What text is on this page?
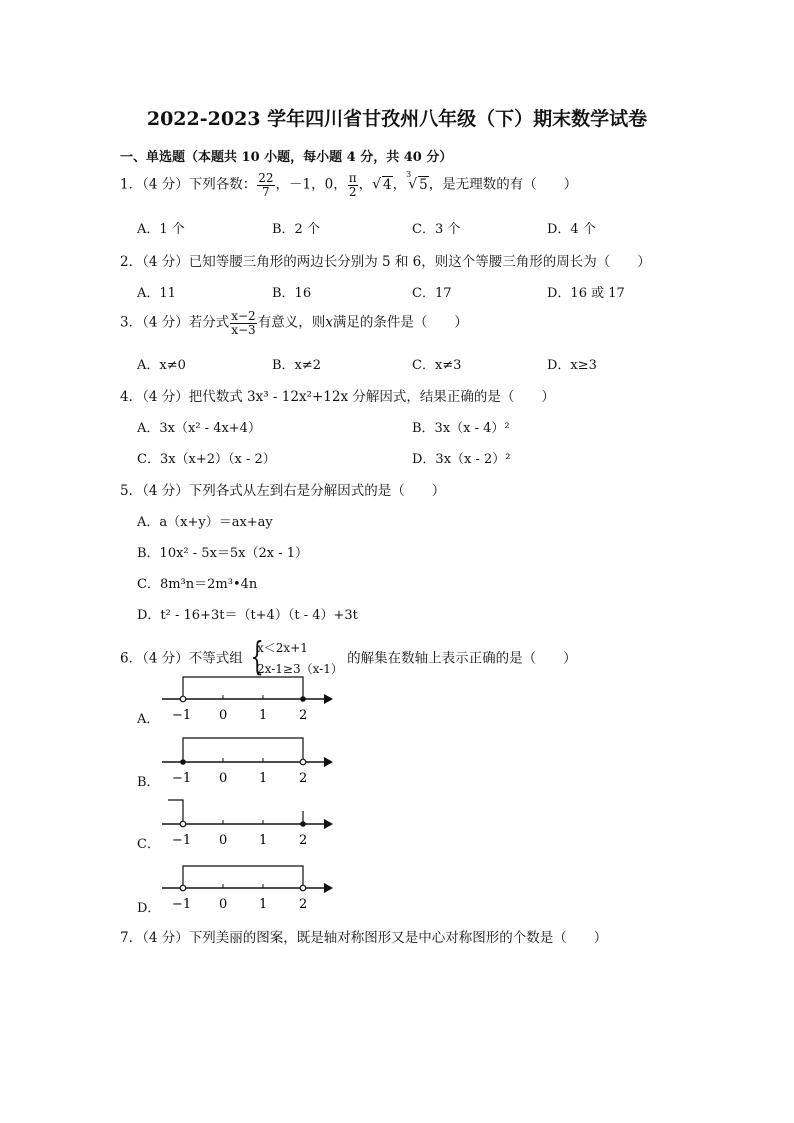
2022-2023 学年四川省甘孜州八年级（下）期末数学试卷
一、单选题（本题共 10 小题，每小题 4 分，共 40 分）
1．（4 分）下列各数： $\frac{22}{7}$ ，－1，0， $\frac{\pi}{2}$ ，√ 4，$^3$√ 5，是无理数的有（　　）
A．1 个	B．2 个	C．3 个	D．4 个
2．（4 分）已知等腰三角形的两边长分别为 5 和 6，则这个等腰三角形的周长为（　　）
A．11	B．16	C．17	D．16 或 17
3．（4 分）若分式 $\frac{x-2}{x-3}$ 有意义，则x满足的条件是（　　）
A．x≠0	B．x≠2	C．x≠3	D．x≥3
4．（4 分）把代数式 3x³ - 12x²+12x 分解因式，结果正确的是（　　）
A．3x（x² - 4x+4）	B．3x（x - 4）²
C．3x（x+2）（x - 2）	D．3x（x - 2）²
5．（4 分）下列各式从左到右是分解因式的是（　　）
A．a（x+y）＝ax+ay
B．10x² - 5x＝5x（2x - 1）
C．8m³n＝2m³•4n
D．t² - 16+3t＝（t+4）（t - 4）+3t
6．（4 分）不等式组 {
x＜2x+1
2x-1≥3（x-1）
的解集在数轴上表示正确的是（　　）
A． −1 0 1 2
B． −1 0 1 2
C． −1 0 1 2
D． −1 0 1 2
7．（4 分）下列美丽的图案，既是轴对称图形又是中心对称图形的个数是（　　）
